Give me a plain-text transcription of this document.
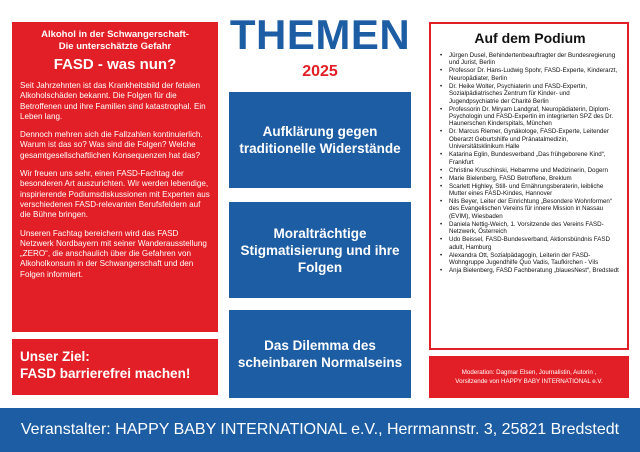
Alkohol in der Schwangerschaft-
Die unterschätzte Gefahr
FASD - was nun?

Seit Jahrzehnten ist das Krankheitsbild der fetalen Alkoholschäden bekannt. Die Folgen für die Betroffenen und ihre Familien sind katastrophal. Ein Leben lang.

Dennoch mehren sich die Fallzahlen kontinuierlich. Warum ist das so? Was sind die Folgen? Welche gesamtgesellschaftlichen Konsequenzen hat das?

Wir freuen uns sehr, einen FASD-Fachtag der besonderen Art auszurichten. Wir werden lebendige, inspirierende Podiumsdiskussionen mit Experten aus verschiedenen FASD-relevanten Berufsfeldern auf die Bühne bringen.

Unseren Fachtag bereichern wird das FASD Netzwerk Nordbayern mit seiner Wanderausstellung „ZERO“, die anschaulich über die Gefahren von Alkoholkonsum in der Schwangerschaft und den Folgen informiert.

Unser Ziel:
FASD barrierefrei machen!
THEMEN
2025
Aufklärung gegen traditionelle Widerstände
Moralträchtige Stigmatisierung und ihre Folgen
Das Dilemma des scheinbaren Normalseins
Auf dem Podium
• Jürgen Dusel, Behindertenbeauftragter der Bundesregierung und Jurist, Berlin
• Professor Dr. Hans-Ludwig Spohr, FASD-Experte, Kinderarzt, Neuropädiater, Berlin
• Dr. Heike Wolter, Psychiaterin und FASD-Expertin, Sozialpädiatrisches Zentrum für Kinder- und Jugendpsychiatrie der Charité Berlin
• Professorin Dr. Miryam Landgraf, Neuropädiaterin, Diplom-Psychologin und FASD-Expertin im integrierten SPZ des Dr. Haunerschen Kinderspitals, München
• Dr. Marcus Riemer, Gynäkologe, FASD-Experte, Leitender Oberarzt Geburtshilfe und Pränatalmedizin, Universitätsklinikum Halle
• Katarina Eglin, Bundesverband „Das frühgeborene Kind“, Frankfurt
• Christine Kruschinski, Hebamme und Medizinerin, Dogern
• Marie Bielenberg, FASD Betroffene, Breklum
• Scarlett Highley, Still- und Ernährungsberaterin, leibliche Mutter eines FASD-Kindes, Hannover
• Nils Beyer, Leiter der Einrichtung „Besondere Wohnformen“ des Evangelischen Vereins für innere Mission in Nassau (EVIM), Wiesbaden
• Daniela Nettig-Weich, 1. Vorsitzende des Vereins FASD-Netzwerk, Österreich
• Udo Beissel, FASD-Bundesverband, Aktionsbündnis FASD adult, Hamburg
• Alexandra Ott, Sozialpädagogin, Leiterin der FASD-Wohngruppe Jugendhilfe Quo Vadis, Taufkirchen - Vils
• Anja Bielenberg, FASD Fachberatung „blauesNest“, Bredstedt
Moderation: Dagmar Elsen, Journalistin, Autorin ,
Vorsitzende von HAPPY BABY INTERNATIONAL e.V.
Veranstalter: HAPPY BABY INTERNATIONAL e.V., Herrmannstr. 3, 25821 Bredstedt
